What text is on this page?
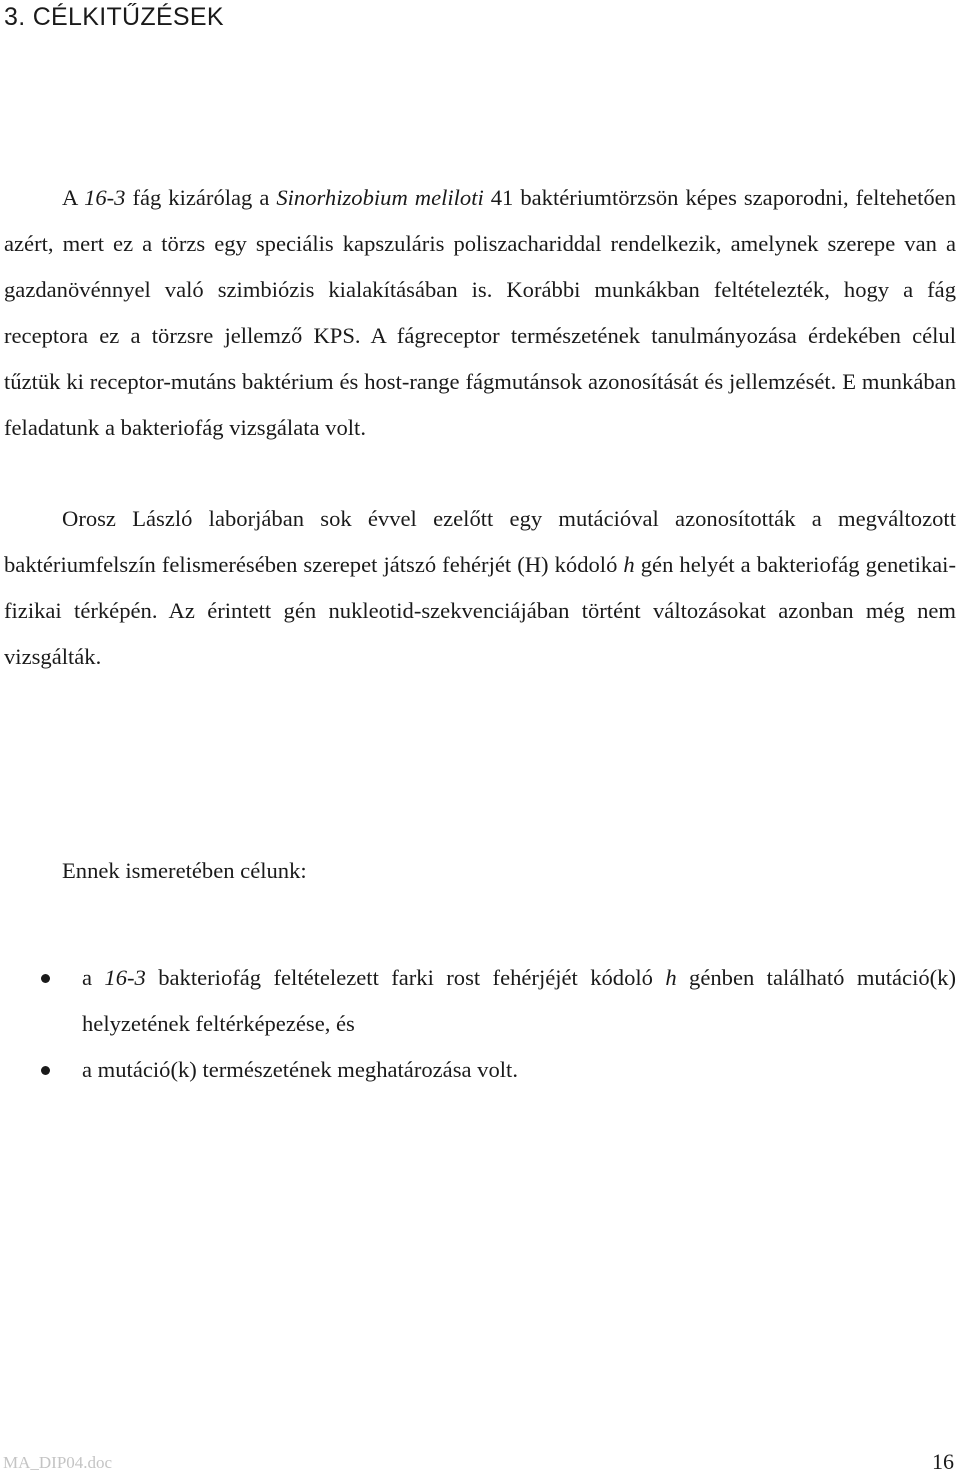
3. CÉLKITŰZÉSEK

A 16-3 fág kizárólag a Sinorhizobium meliloti 41 baktériumtörzsön képes szaporodni, feltehetően azért, mert ez a törzs egy speciális kapszuláris poliszachariddal rendelkezik, amelynek szerepe van a gazdanövénnyel való szimbiózis kialakításában is. Korábbi munkákban feltételezték, hogy a fág receptora ez a törzsre jellemző KPS. A fágreceptor természetének tanulmányozása érdekében célul tűztük ki receptor-mutáns baktérium és host-range fágmutánsok azonosítását és jellemzését. E munkában feladatunk a bakteriofág vizsgálata volt.

Orosz László laborjában sok évvel ezelőtt egy mutációval azonosították a megváltozott baktériumfelszín felismerésében szerepet játszó fehérjét (H) kódoló h gén helyét a bakteriofág genetikai-fizikai térképén. Az érintett gén nukleotid-szekvenciájában történt változásokat azonban még nem vizsgálták.

Ennek ismeretében célunk:

a 16-3 bakteriofág feltételezett farki rost fehérjéjét kódoló h génben található mutáció(k) helyzetének feltérképezése, és
a mutáció(k) természetének meghatározása volt.
MA_DIP04.doc	16
